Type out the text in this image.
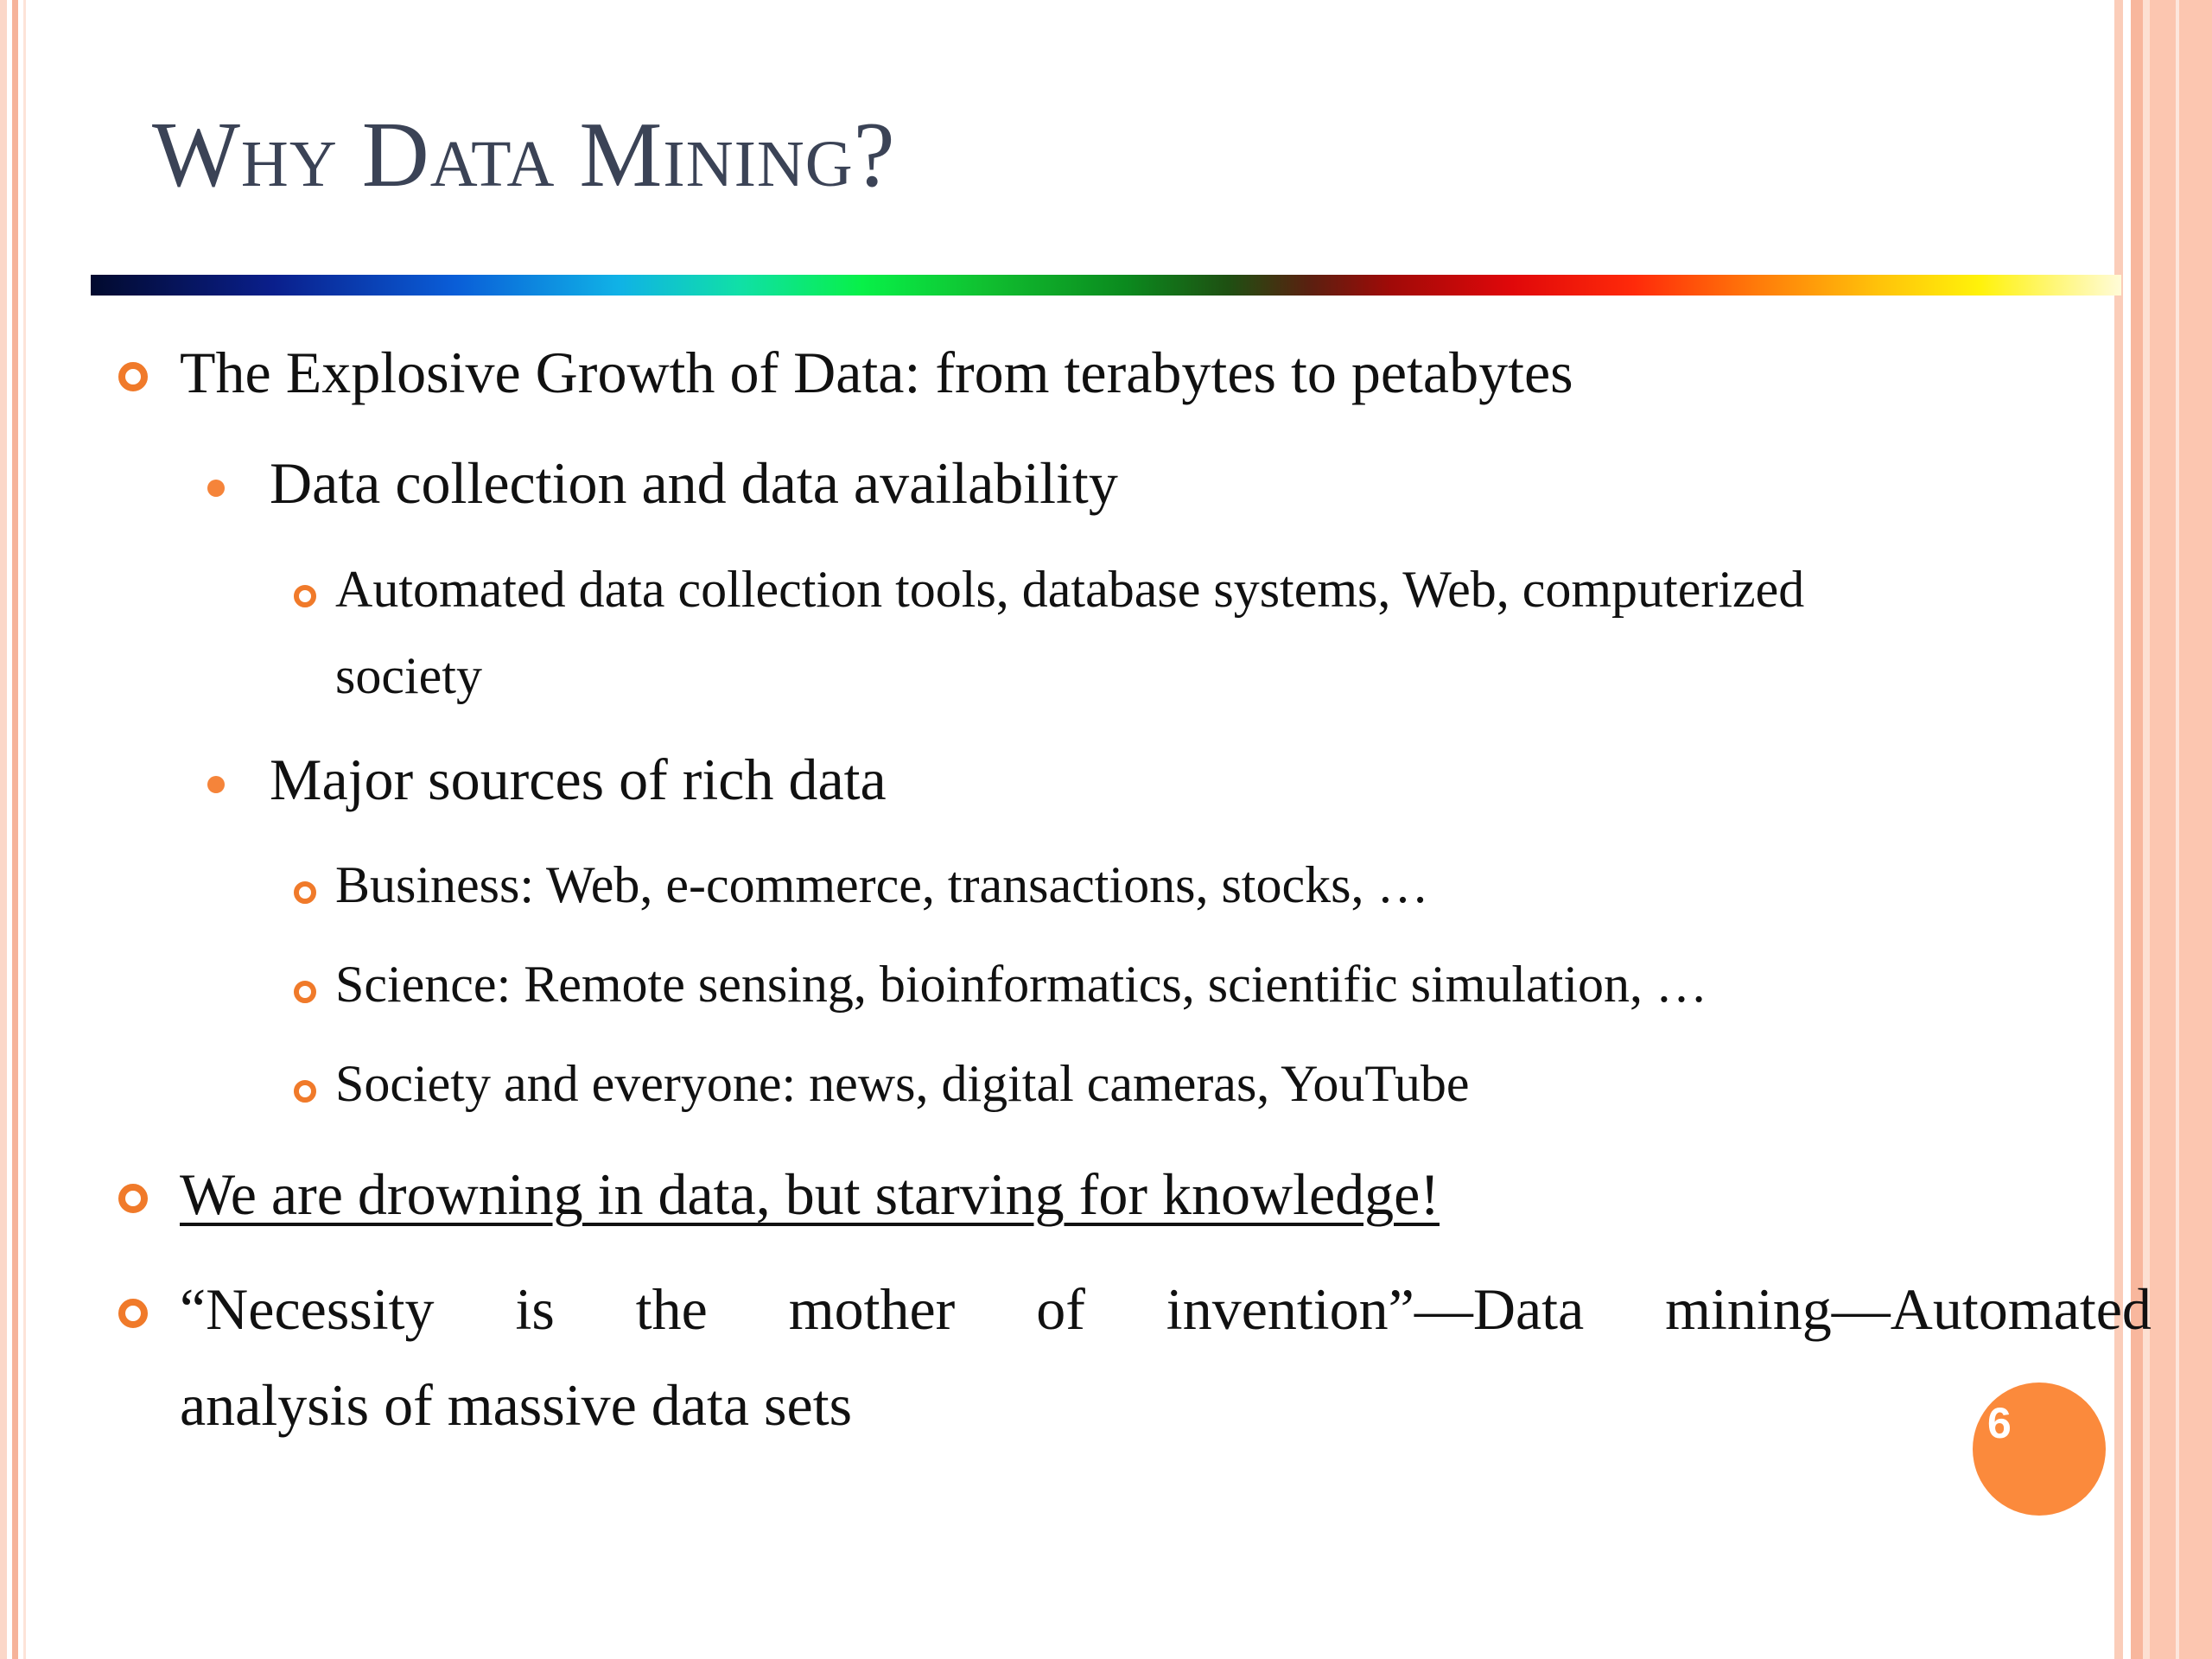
Why Data Mining?
The Explosive Growth of Data: from terabytes to petabytes
Data collection and data availability
Automated data collection tools, database systems, Web, computerized
society
Major sources of rich data
Business: Web, e-commerce, transactions, stocks, …
Science: Remote sensing, bioinformatics, scientific simulation, …
Society and everyone: news, digital cameras, YouTube
We are drowning in data, but starving for knowledge!
“Necessity is the mother of invention”—Data mining—Automated
analysis of massive data sets	6
